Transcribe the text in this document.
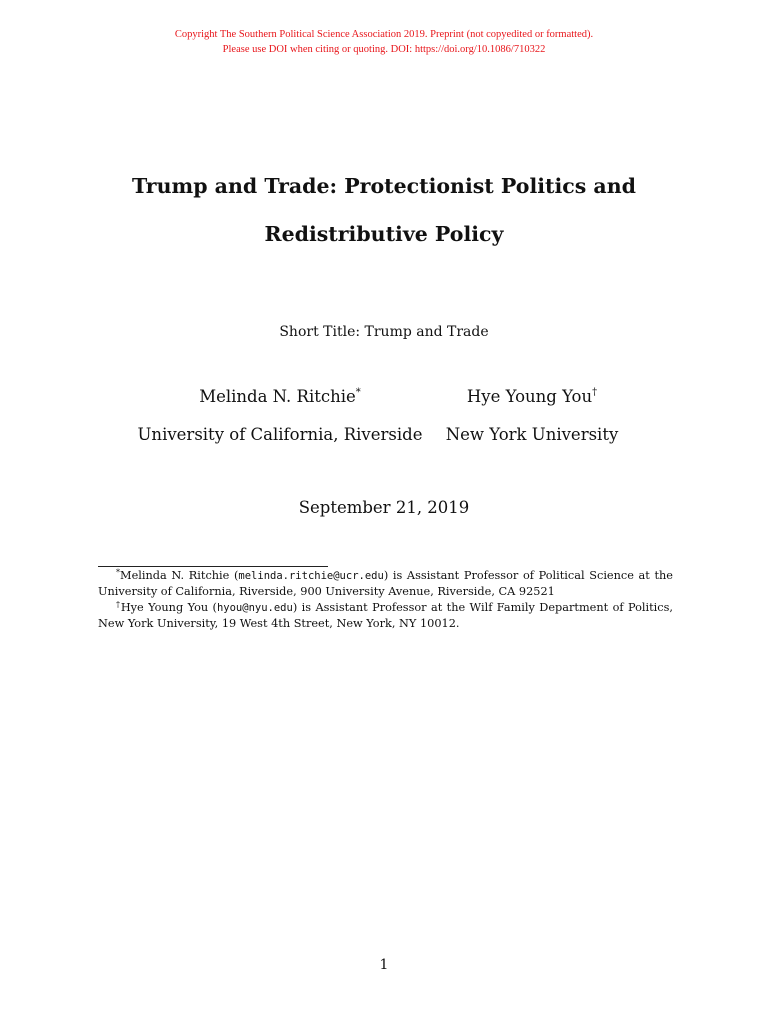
Copyright The Southern Political Science Association 2019. Preprint (not copyedited or formatted).
Please use DOI when citing or quoting. DOI: https://doi.org/10.1086/710322
Trump and Trade: Protectionist Politics and
Redistributive Policy
Short Title: Trump and Trade
Melinda N. Ritchie*
University of California, Riverside
Hye Young You†
New York University
September 21, 2019
*Melinda N. Ritchie (melinda.ritchie@ucr.edu) is Assistant Professor of Political Science at the University of California, Riverside, 900 University Avenue, Riverside, CA 92521
†Hye Young You (hyou@nyu.edu) is Assistant Professor at the Wilf Family Department of Politics, New York University, 19 West 4th Street, New York, NY 10012.
1
